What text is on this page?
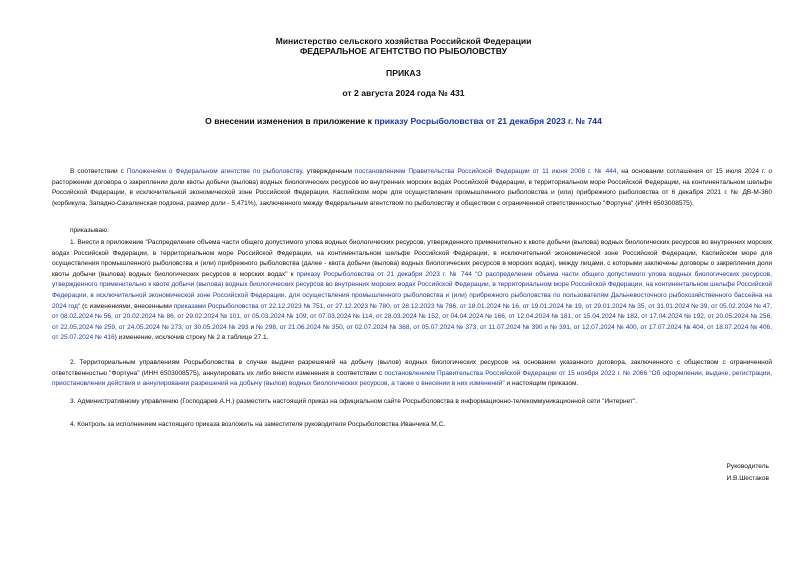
Министерство сельского хозяйства Российской Федерации
ФЕДЕРАЛЬНОЕ АГЕНТСТВО ПО РЫБОЛОВСТВУ
ПРИКАЗ
от 2 августа 2024 года № 431
О внесении изменения в приложение к приказу Росрыболовства от 21 декабря 2023 г. № 744
В соответствии с Положением о Федеральном агентстве по рыболовству, утвержденным постановлением Правительства Российской Федерации от 11 июня 2008 г. № 444, на основании соглашения от 15 июля 2024 г. о расторжении договора о закреплении доли квоты добычи (вылова) водных биологических ресурсов во внутренних морских водах Российской Федерации, в территориальном море Российской Федерации, на континентальном шельфе Российской Федерации, в исключительной экономической зоне Российской Федерации, Каспийском море для осуществления промышленного рыболовства и (или) прибрежного рыболовства от 6 декабря 2021 г. № ДВ-М-360 (корбикула, Западно-Сахалинская подзона, размер доли - 5,471%), заключенного между Федеральным агентством по рыболовству и обществом с ограниченной ответственностью "Фортуна" (ИНН 6503008575),
приказываю:
1. Внести в приложение "Распределение объема части общего допустимого улова водных биологических ресурсов, утвержденного применительно к квоте добычи (вылова) водных биологических ресурсов во внутренних морских водах Российской Федерации, в территориальном море Российской Федерации, на континентальном шельфе Российской Федерации, в исключительной экономической зоне Российской Федерации, Каспийском море для осуществления промышленного рыболовства и (или) прибрежного рыболовства (далее - квота добычи (вылова) водных биологических ресурсов в морских водах), между лицами, с которыми заключены договоры о закреплении доли квоты добычи (вылова) водных биологических ресурсов в морских водах" к приказу Росрыболовства от 21 декабря 2023 г. № 744 "О распределении объема части общего допустимого улова водных биологических ресурсов, утвержденного применительно к квоте добычи (вылова) водных биологических ресурсов во внутренних морских водах Российской Федерации, в территориальном море Российской Федерации, на континентальном шельфе Российской Федерации, в исключительной экономической зоне Российской Федерации, для осуществления промышленного рыболовства и (или) прибрежного рыболовства по пользователям Дальневосточного рыбохозяйственного бассейна на 2024 год" (с изменениями, внесенными приказами Росрыболовства от 22.12.2023 № 751, от 27.12.2023 № 780, от 28.12.2023 № 786, от 18.01.2024 № 16, от 19.01.2024 № 19, от 29.01.2024 № 35, от 31.01.2024 № 39, от 05.02.2024 № 47, от 08.02.2024 № 56, от 20.02.2024 № 86, от 29.02.2024 № 101, от 05.03.2024 № 109, от 07.03.2024 № 114, от 28.03.2024 № 152, от 04.04.2024 № 166, от 12.04.2024 № 181, от 15.04.2024 № 182, от 17.04.2024 № 192, от 20.05.2024 № 256, от 22.05.2024 № 259, от 24.05.2024 № 273, от 30.05.2024 № 293 и № 298, от 21.06.2024 № 350, от 02.07.2024 № 368, от 05.07.2024 № 373, от 11.07.2024 № 390 и № 391, от 12.07.2024 № 400, от 17.07.2024 № 404, от 18.07.2024 № 406, от 25.07.2024 № 416) изменение, исключив строку № 2 в таблице 27.1.
2. Территориальным управлениям Росрыболовства в случае выдачи разрешений на добычу (вылов) водных биологических ресурсов на основании указанного договора, заключенного с обществом с ограниченной ответственностью "Фортуна" (ИНН 6503008575), аннулировать их либо внести изменения в соответствии с постановлением Правительства Российской Федерации от 15 ноября 2022 г. № 2066 "Об оформлении, выдаче, регистрации, приостановлении действия и аннулировании разрешений на добычу (вылов) водных биологических ресурсов, а также о внесении в них изменений" и настоящим приказом.
3. Административному управлению (Господарев А.Н.) разместить настоящий приказ на официальном сайте Росрыболовства в информационно-телекоммуникационной сети "Интернет".
4. Контроль за исполнением настоящего приказа возложить на заместителя руководителя Росрыболовства Иванчика М.С.
Руководитель
И.В.Шестаков
